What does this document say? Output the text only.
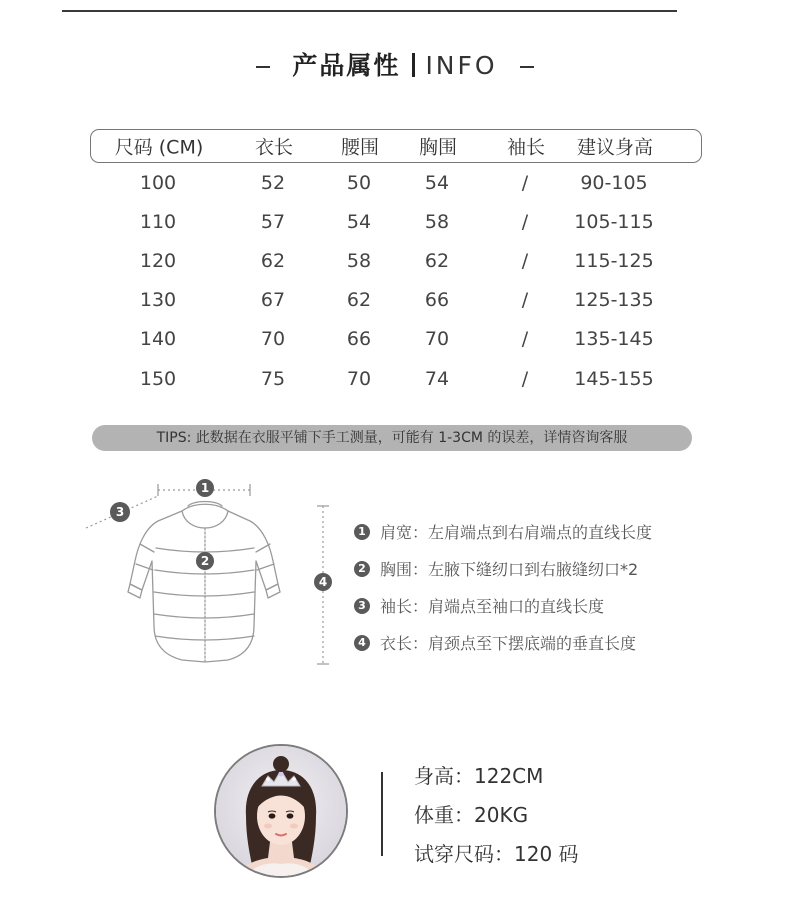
产品属性 INFO
尺码 (CM)	衣长	腰围 胸围	袖长 建议身高
100	52	50	54	/	90-105
110	57	54	58	/ 105-115
120	62	58	62	/ 115-125
130	67	62	66	/ 125-135
140	70	66	70	/ 135-145
150	75	70	74	/ 145-155
TIPS: 此数据在衣服平铺下手工测量，可能有 1-3CM 的误差，详情咨询客服
1
2
3
4
1 肩宽：左肩端点到右肩端点的直线长度
2 胸围：左腋下缝纫口到右腋缝纫口*2
3 袖长：肩端点至袖口的直线长度
4 衣长：肩颈点至下摆底端的垂直长度
身高：122CM
体重：20KG
试穿尺码：120 码
